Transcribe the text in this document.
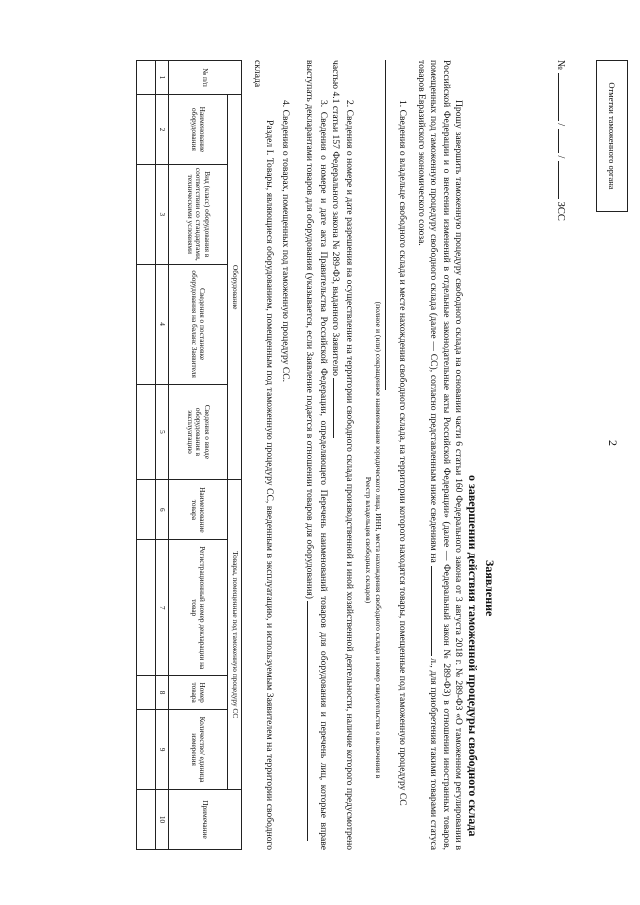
2
Отметки таможенного органа
№  /  /  ЗСС
Заявление
о завершении действия таможенной процедуры свободного склада
Прошу завершить таможенную процедуру свободного склада на основании части 6 статьи 160 Федерального закона от 3 августа 2018 г. № 289-ФЗ «О таможенном регулировании в Российской Федерации и о внесении изменений в отдельные законодательные акты Российской Федерации» (далее — Федеральный закон № 289-ФЗ) в отношении иностранных товаров, помещенных под таможенную процедуру свободного склада (далее — СС), согласно представленным ниже сведениям на  л., для приобретения такими товарами статуса товаров Евразийского экономического союза.
1. Сведения о владельце свободного склада и месте нахождения свободного склада, на территории которого находятся товары, помещенные под таможенную процедуру СС
(полное и (или) сокращенное наименование юридического лица, ИНН, места нахождения свободного склада и номер свидетельства о включении в Реестр владельцев свободных складов)
2. Сведения о номере и дате разрешения на осуществление на территории свободного склада производственной и иной хозяйственной деятельности, наличие которого предусмотрено частью 4.1 статьи 157 Федерального закона № 289-ФЗ, выданного Заявителю
3. Сведения о номере и дате акта Правительства Российской Федерации, определяющего Перечень наименований товаров для оборудования и перечень лиц, которые вправе выступать декларантами товаров для оборудования (указывается, если Заявление подается в отношении товаров для оборудования)
4. Сведения о товарах, помещенных под таможенную процедуру СС.
Раздел I. Товары, являющиеся оборудованием, помещенным под таможенную процедуру СС, введенным в эксплуатацию, и используемым Заявителем на территории свободного склада
№ п/п	Оборудование				Товары, помещенные под таможенную процедуру СС				Примечание
	Наименование оборудования	Вид (класс) оборудования в соответствии со стандартами, техническими условиями	Сведения о постановке оборудования на баланс Заявителя	Сведения о вводе оборудования в эксплуатацию	Наименование товара	Регистрационный номер декларации на товар	Номер товара	Количество/ единица измерения	
1	2	3	4	5	6	7	8	9	10
